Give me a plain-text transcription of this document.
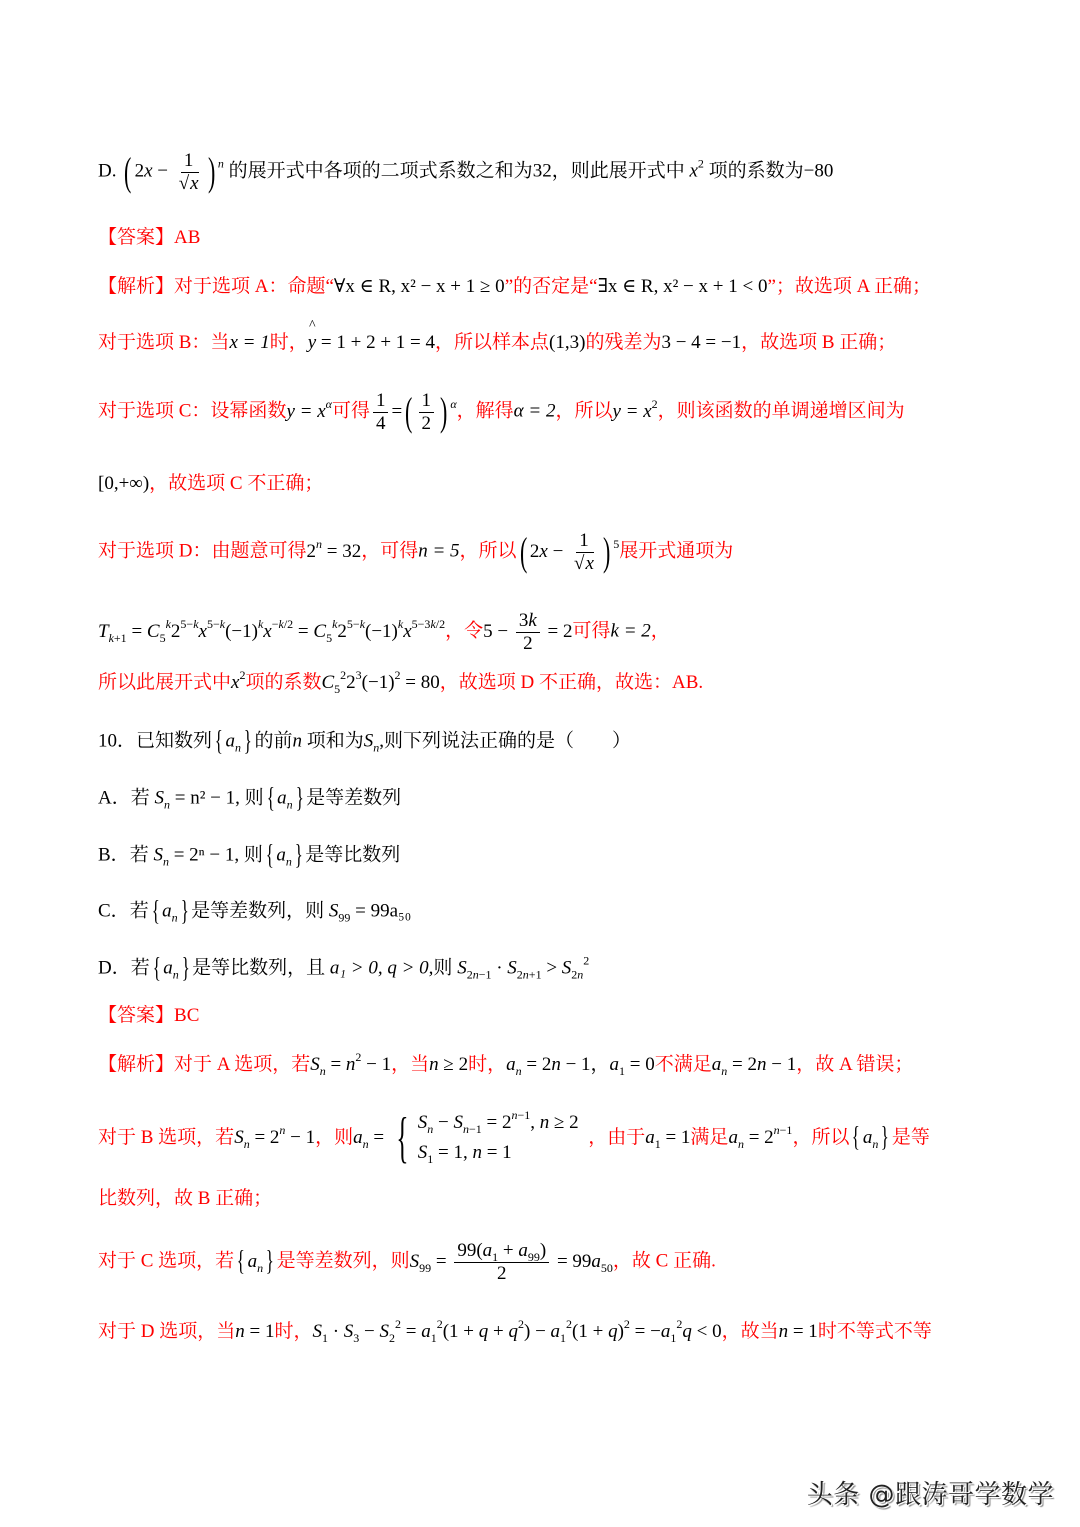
D. ( $2x - \frac{1}{√x}$ ) $^n$ 的展开式中各项的二项式系数之和为32，则此展开式中 $x^2$ 项的系数为−80
【答案】AB
【解析】对于选项 A：命题“∀x ∈ R, x² − x + 1 ≥ 0”的否定是“∃x ∈ R, x² − x + 1 < 0”；故选项 A 正确；
对于选项 B：当x = 1时，^ y = 1 + 2 + 1 = 4，所以样本点(1,3)的残差为3 − 4 = −1，故选项 B 正确；
对于选项 C：设幂函数$y = x^\alpha$可得 $\frac{1}{4}$ =( $\frac{1}{2}$ ) $^\alpha$，解得α = 2，所以$y = x^2$，则该函数的单调递增区间为
[0,+∞)，故选项 C 不正确；
对于选项 D：由题意可得$2^n = 32$，可得n = 5，所以( $2x - \frac{1}{√x}$ ) $^5$展开式通项为
$T_{k+1} = C_5^k2^{5-k}x^{5-k}(-1)^kx^{-k/2} = C_5^k2^{5-k}(-1)^kx^{5-3k/2}$，令$5 - \frac{3k}{2} = 2$可得k = 2，
所以此展开式中$x^2$项的系数$C_5^22^3(-1)^2 = 80$，故选项 D 不正确，故选：AB.
10．已知数列{ $a_n$} 的前n 项和为$S_n$,则下列说法正确的是（　　）
A．若 $S_n = n^2 - 1$, 则{ $a_n$} 是等差数列
B．若 $S_n = 2^n - 1$, 则{ $a_n$} 是等比数列
C．若{ $a_n$} 是等差数列，则 $S_{99} = 99a_{50}$
D．若{ $a_n$} 是等比数列，且 a₁ > 0, q > 0,则 $S_{2n-1} \cdot S_{2n+1} > S_{2n}^2$
【答案】BC
【解析】对于 A 选项，若$S_n = n^2 - 1$，当n ≥ 2时，$a_n = 2n - 1$，$a_1 = 0$不满足$a_n = 2n - 1$，故 A 错误；
对于 B 选项，若$S_n = 2^n - 1$，则$a_n$ = { $S_n - S_{n-1} = 2^{n-1}$, n ≥ 2
$S_1 = 1$, n = 1
，由于$a_1 = 1$满足$a_n = 2^{n-1}$，所以{ $a_n$} 是等
比数列，故 B 正确；
对于 C 选项，若{ $a_n$} 是等差数列，则$S_{99} = \frac{99(a_1 + a_{99})}{2} = 99a_{50}$，故 C 正确.
对于 D 选项，当n = 1时，$S_1 \cdot S_3 - S_2^2 = a_1^2(1 + q + q^2) - a_1^2(1 + q)^2 = -a_1^2q < 0$，故当n = 1时不等式不等
头条 @跟涛哥学数学
